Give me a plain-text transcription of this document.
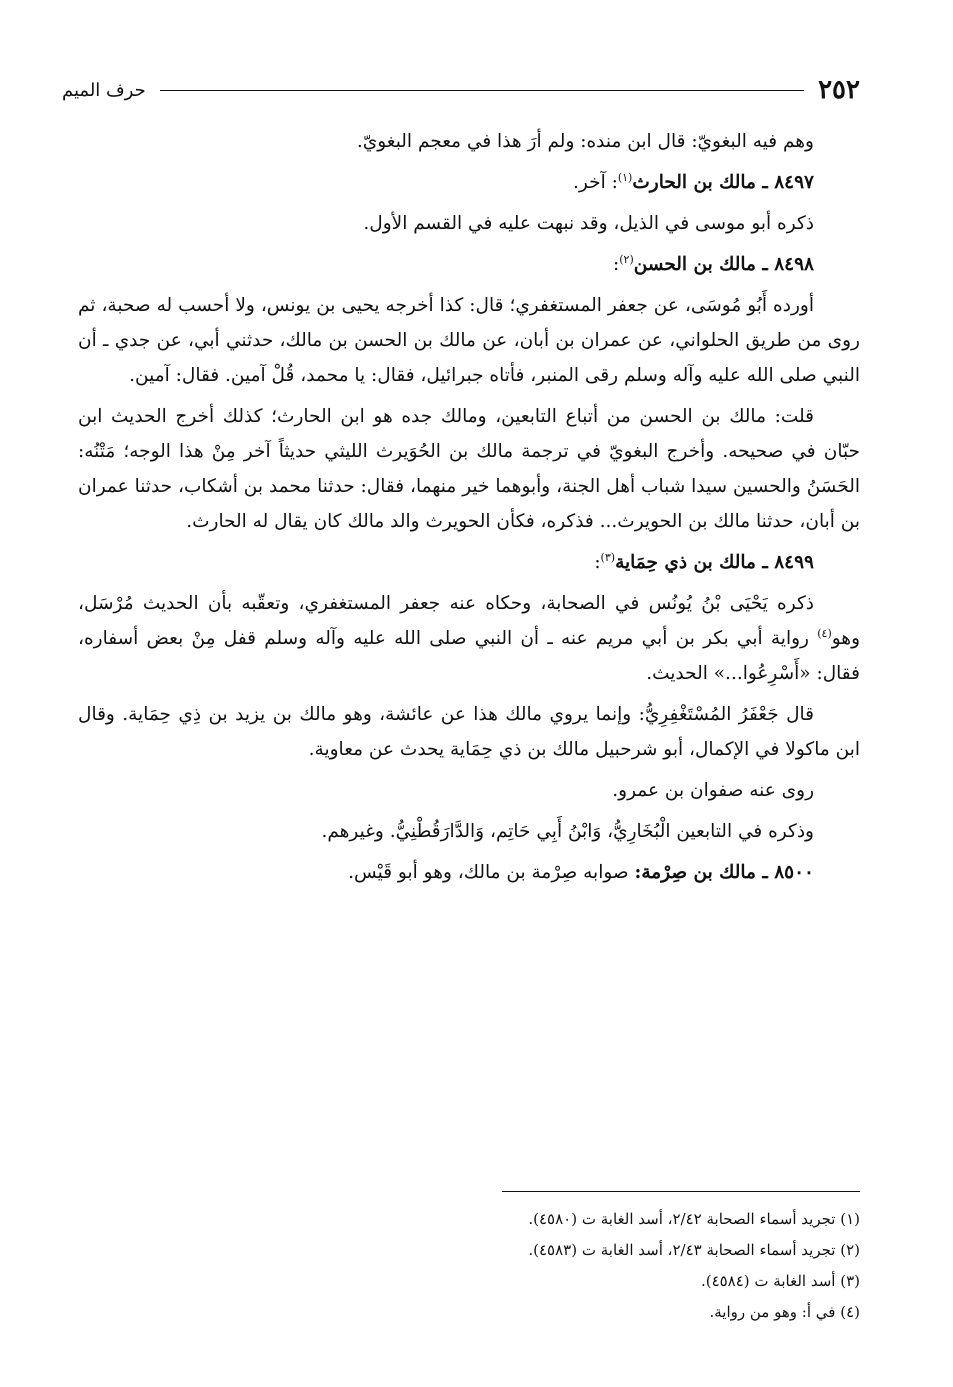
٢٥٢
حرف الميم

وهم فيه البغويّ: قال ابن منده: ولم أرَ هذا في معجم البغويّ.

٨٤٩٧ ـ مالك بن الحارث$^{(١)}$: آخر.

ذكره أبو موسى في الذيل، وقد نبهت عليه في القسم الأول.

٨٤٩٨ ـ مالك بن الحسن$^{(٢)}$:

أورده أَبُو مُوسَى، عن جعفر المستغفري؛ قال: كذا أخرجه يحيى بن يونس، ولا أحسب له صحبة، ثم روى من طريق الحلواني، عن عمران بن أبان، عن مالك بن الحسن بن مالك، حدثني أبي، عن جدي ـ أن النبي صلى الله عليه وآله وسلم رقى المنبر، فأتاه جبرائيل، فقال: يا محمد، قُلْ آمين. فقال: آمين.

قلت: مالك بن الحسن من أتباع التابعين، ومالك جده هو ابن الحارث؛ كذلك أخرج الحديث ابن حبّان في صحيحه. وأخرج البغويّ في ترجمة مالك بن الحُوَيرث الليثي حديثاً آخر مِنْ هذا الوجه؛ مَتْنُه: الحَسَنُ والحسين سيدا شباب أهل الجنة، وأبوهما خير منهما، فقال: حدثنا محمد بن أشكاب، حدثنا عمران بن أبان، حدثنا مالك بن الحويرث... فذكره، فكأن الحويرث والد مالك كان يقال له الحارث.

٨٤٩٩ ـ مالك بن ذي حِمَاية$^{(٣)}$:

ذكره يَحْيَى بْنُ يُونُس في الصحابة، وحكاه عنه جعفر المستغفري، وتعقّبه بأن الحديث مُرْسَل، وهو$^{(٤)}$ رواية أبي بكر بن أبي مريم عنه ـ أن النبي صلى الله عليه وآله وسلم قفل مِنْ بعض أسفاره، فقال: «أَسْرِعُوا...» الحديث.

قال جَعْفَرُ المُسْتَغْفِرِيُّ: وإنما يروي مالك هذا عن عائشة، وهو مالك بن يزيد بن ذِي حِمَاية. وقال ابن ماكولا في الإكمال، أبو شرحبيل مالك بن ذي حِمَاية يحدث عن معاوية.

روى عنه صفوان بن عمرو.

وذكره في التابعين الْبُخَارِيُّ، وَابْنُ أَبِي حَاتِم، وَالدَّارَقُطْنِيُّ. وغيرهم.

٨٥٠٠ ـ مالك بن صِرْمة: صوابه صِرْمة بن مالك، وهو أبو قَيْس.

(١) تجريد أسماء الصحابة ٢/٤٢، أسد الغابة ت (٤٥٨٠).

(٢) تجريد أسماء الصحابة ٢/٤٣، أسد الغابة ت (٤٥٨٣).

(٣) أسد الغابة ت (٤٥٨٤).

(٤) في أ: وهو من رواية.
